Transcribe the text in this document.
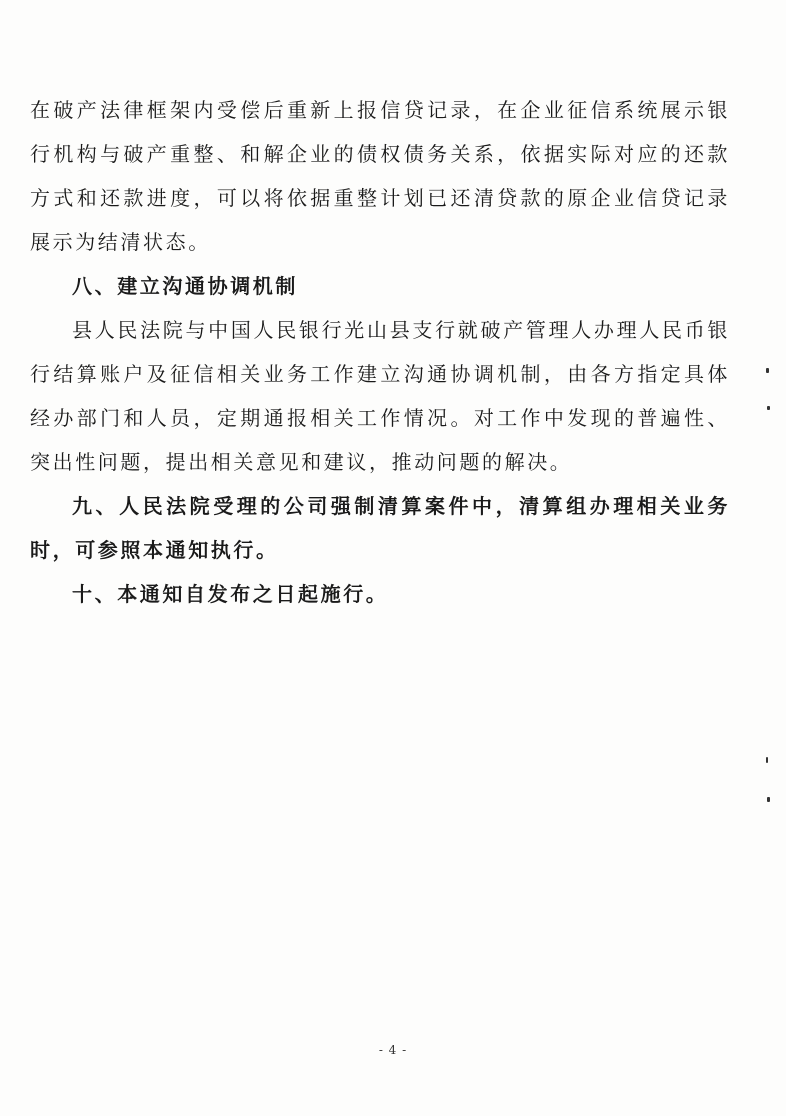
在破产法律框架内受偿后重新上报信贷记录，在企业征信系统展示银行机构与破产重整、和解企业的债权债务关系，依据实际对应的还款方式和还款进度，可以将依据重整计划已还清贷款的原企业信贷记录展示为结清状态。

八、建立沟通协调机制

县人民法院与中国人民银行光山县支行就破产管理人办理人民币银行结算账户及征信相关业务工作建立沟通协调机制，由各方指定具体经办部门和人员，定期通报相关工作情况。对工作中发现的普遍性、突出性问题，提出相关意见和建议，推动问题的解决。

九、人民法院受理的公司强制清算案件中，清算组办理相关业务时，可参照本通知执行。

十、本通知自发布之日起施行。

- 4 -
